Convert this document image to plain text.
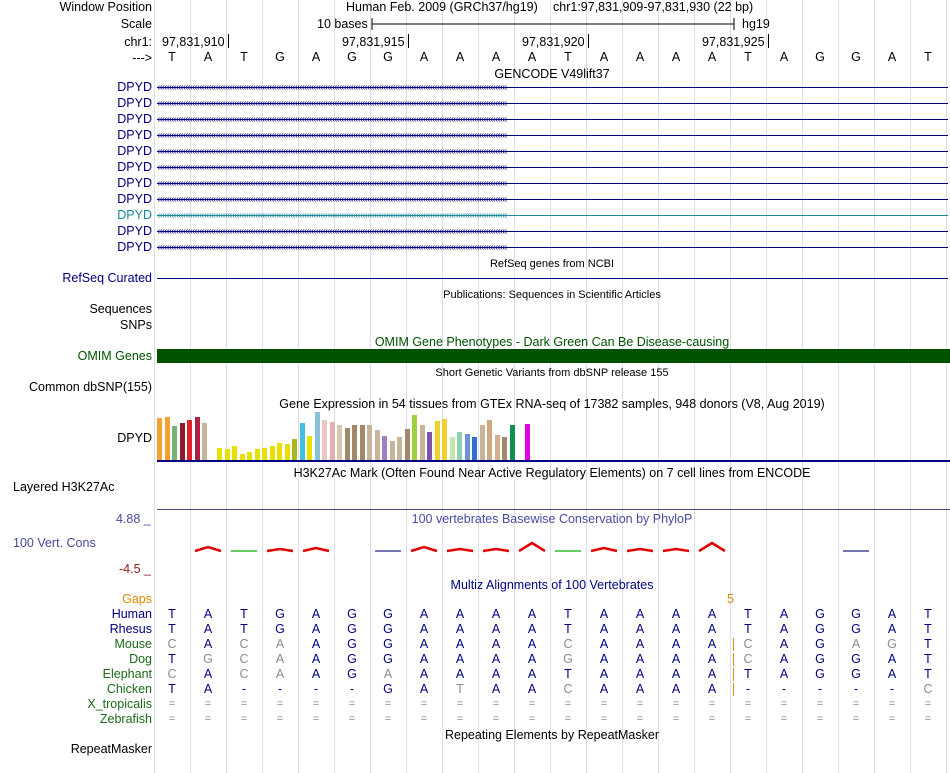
Window Position
Scale
chr1:
--->
Human Feb. 2009 (GRCh37/hg19) chr1:97,831,909-97,831,930 (22 bp)
10 bases	hg19
97,831,910	97,831,915	97,831,920	97,831,925
T A T G A G G A A A A T A A A A T A G G A T
GENCODE V49lift37
DPYD
DPYD
DPYD
DPYD
DPYD
DPYD
DPYD
DPYD
DPYD
DPYD
DPYD
RefSeq genes from NCBI
RefSeq Curated
Publications: Sequences in Scientific Articles
Sequences
SNPs
OMIM Gene Phenotypes - Dark Green Can Be Disease-causing
OMIM Genes
Short Genetic Variants from dbSNP release 155
Common dbSNP(155)
Gene Expression in 54 tissues from GTEx RNA-seq of 17382 samples, 948 donors (V8, Aug 2019)
DPYD
H3K27Ac Mark (Often Found Near Active Regulatory Elements) on 7 cell lines from ENCODE
Layered H3K27Ac
4.88 _	100 vertebrates Basewise Conservation by PhyloP
100 Vert. Cons
-4.5 _
Multiz Alignments of 100 Vertebrates
Gaps	5
Human T A T G A G G A A A A T A A A A T A G G A T
Rhesus T A T G A G G A A A A T A A A A T A G G A T
Mouse C A C A A G G A A A A C A A A A C A G A G T
Dog T G C A A G G A A A A G A A A A C A G G A T
Elephant C A C A A G A A A A A T A A A A T A G G A T
Chicken T A	-	-	-	-	G A T A A C A A A A	-	-	-	-	-	C
X_tropicalis =	=	=	=	=	=	=	=	=	=	=	=	=	=	=	=	=	=	=	=	=	=
Zebrafish =	=	=	=	=	=	=	=	=	=	=	=	=	=	=	=	=	=	=	=	=	=
Repeating Elements by RepeatMasker
RepeatMasker
